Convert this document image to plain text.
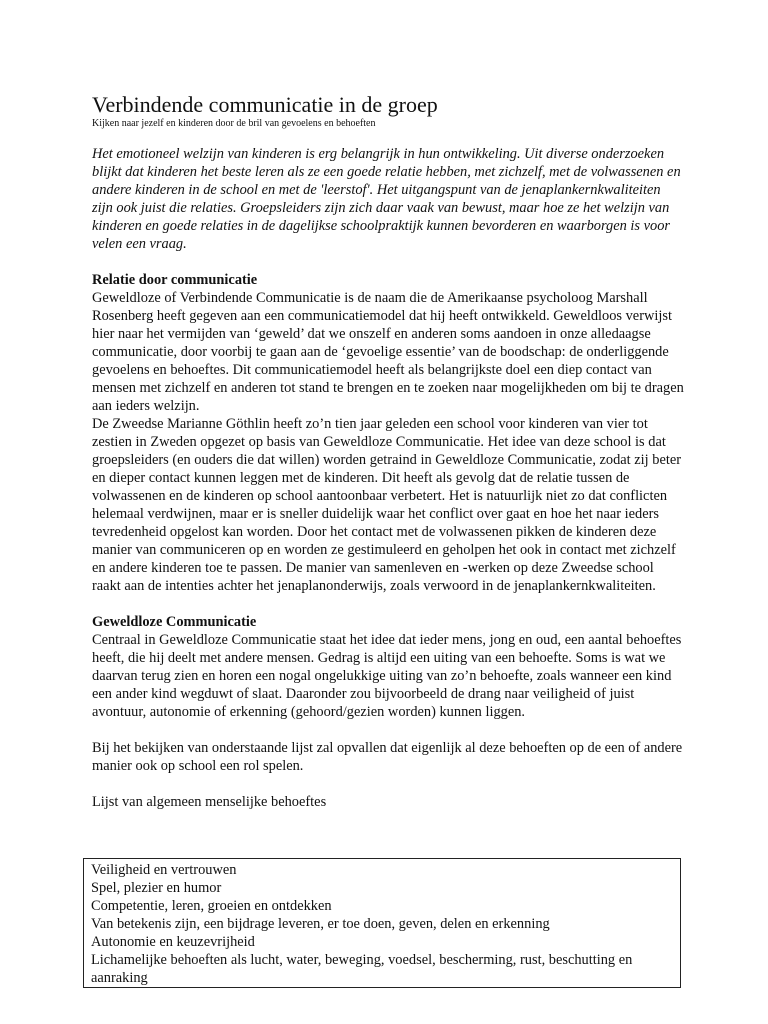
Verbindende communicatie in de groep

Kijken naar jezelf en kinderen door de bril van gevoelens en behoeften

Het emotioneel welzijn van kinderen is erg belangrijk in hun ontwikkeling. Uit diverse onderzoeken blijkt dat kinderen het beste leren als ze een goede relatie hebben, met zichzelf, met de volwassenen en andere kinderen in de school en met de 'leerstof'. Het uitgangspunt van de jenaplankernkwaliteiten zijn ook juist die relaties. Groepsleiders zijn zich daar vaak van bewust, maar hoe ze het welzijn van kinderen en goede relaties in de dagelijkse schoolpraktijk kunnen bevorderen en waarborgen is voor velen een vraag.

Relatie door communicatie

Geweldloze of Verbindende Communicatie is de naam die de Amerikaanse psycholoog Marshall Rosenberg heeft gegeven aan een communicatiemodel dat hij heeft ontwikkeld. Geweldloos verwijst hier naar het vermijden van ‘geweld’ dat we onszelf en anderen soms aandoen in onze alledaagse communicatie, door voorbij te gaan aan de ‘gevoelige essentie’ van de boodschap: de onderliggende gevoelens en behoeftes. Dit communicatiemodel heeft als belangrijkste doel een diep contact van mensen met zichzelf en anderen tot stand te brengen en te zoeken naar mogelijkheden om bij te dragen aan ieders welzijn.

De Zweedse Marianne Göthlin heeft zo’n tien jaar geleden een school voor kinderen van vier tot zestien in Zweden opgezet op basis van Geweldloze Communicatie. Het idee van deze school is dat groepsleiders (en ouders die dat willen) worden getraind in Geweldloze Communicatie, zodat zij beter en dieper contact kunnen leggen met de kinderen. Dit heeft als gevolg dat de relatie tussen de volwassenen en de kinderen op school aantoonbaar verbetert. Het is natuurlijk niet zo dat conflicten helemaal verdwijnen, maar er is sneller duidelijk waar het conflict over gaat en hoe het naar ieders tevredenheid opgelost kan worden. Door het contact met de volwassenen pikken de kinderen deze manier van communiceren op en worden ze gestimuleerd en geholpen het ook in contact met zichzelf en andere kinderen toe te passen. De manier van samenleven en -werken op deze Zweedse school raakt aan de intenties achter het jenaplanonderwijs, zoals verwoord in de jenaplankernkwaliteiten.

Geweldloze Communicatie

Centraal in Geweldloze Communicatie staat het idee dat ieder mens, jong en oud, een aantal behoeftes heeft, die hij deelt met andere mensen. Gedrag is altijd een uiting van een behoefte. Soms is wat we daarvan terug zien en horen een nogal ongelukkige uiting van zo’n behoefte, zoals wanneer een kind een ander kind wegduwt of slaat. Daaronder zou bijvoorbeeld de drang naar veiligheid of juist avontuur, autonomie of erkenning (gehoord/gezien worden) kunnen liggen.

Bij het bekijken van onderstaande lijst zal opvallen dat eigenlijk al deze behoeften op de een of andere manier ook op school een rol spelen.

Lijst van algemeen menselijke behoeftes

Veiligheid en vertrouwen

Spel, plezier en humor

Competentie, leren, groeien en ontdekken

Van betekenis zijn, een bijdrage leveren, er toe doen, geven, delen en erkenning

Autonomie en keuzevrijheid

Lichamelijke behoeften als lucht, water, beweging, voedsel, bescherming, rust, beschutting en aanraking
